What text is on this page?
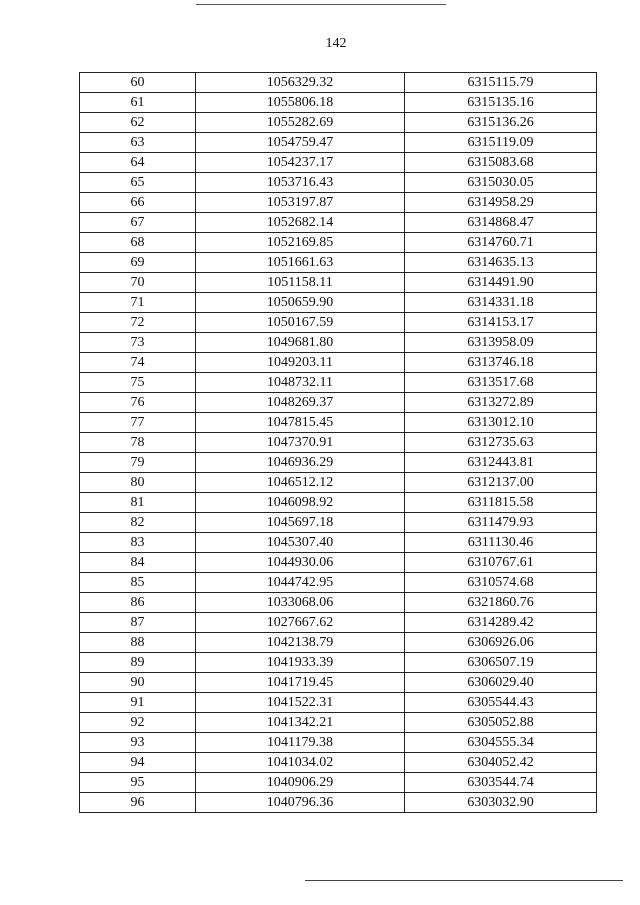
142
60	1056329.32	6315115.79
61	1055806.18	6315135.16
62	1055282.69	6315136.26
63	1054759.47	6315119.09
64	1054237.17	6315083.68
65	1053716.43	6315030.05
66	1053197.87	6314958.29
67	1052682.14	6314868.47
68	1052169.85	6314760.71
69	1051661.63	6314635.13
70	1051158.11	6314491.90
71	1050659.90	6314331.18
72	1050167.59	6314153.17
73	1049681.80	6313958.09
74	1049203.11	6313746.18
75	1048732.11	6313517.68
76	1048269.37	6313272.89
77	1047815.45	6313012.10
78	1047370.91	6312735.63
79	1046936.29	6312443.81
80	1046512.12	6312137.00
81	1046098.92	6311815.58
82	1045697.18	6311479.93
83	1045307.40	6311130.46
84	1044930.06	6310767.61
85	1044742.95	6310574.68
86	1033068.06	6321860.76
87	1027667.62	6314289.42
88	1042138.79	6306926.06
89	1041933.39	6306507.19
90	1041719.45	6306029.40
91	1041522.31	6305544.43
92	1041342.21	6305052.88
93	1041179.38	6304555.34
94	1041034.02	6304052.42
95	1040906.29	6303544.74
96	1040796.36	6303032.90
